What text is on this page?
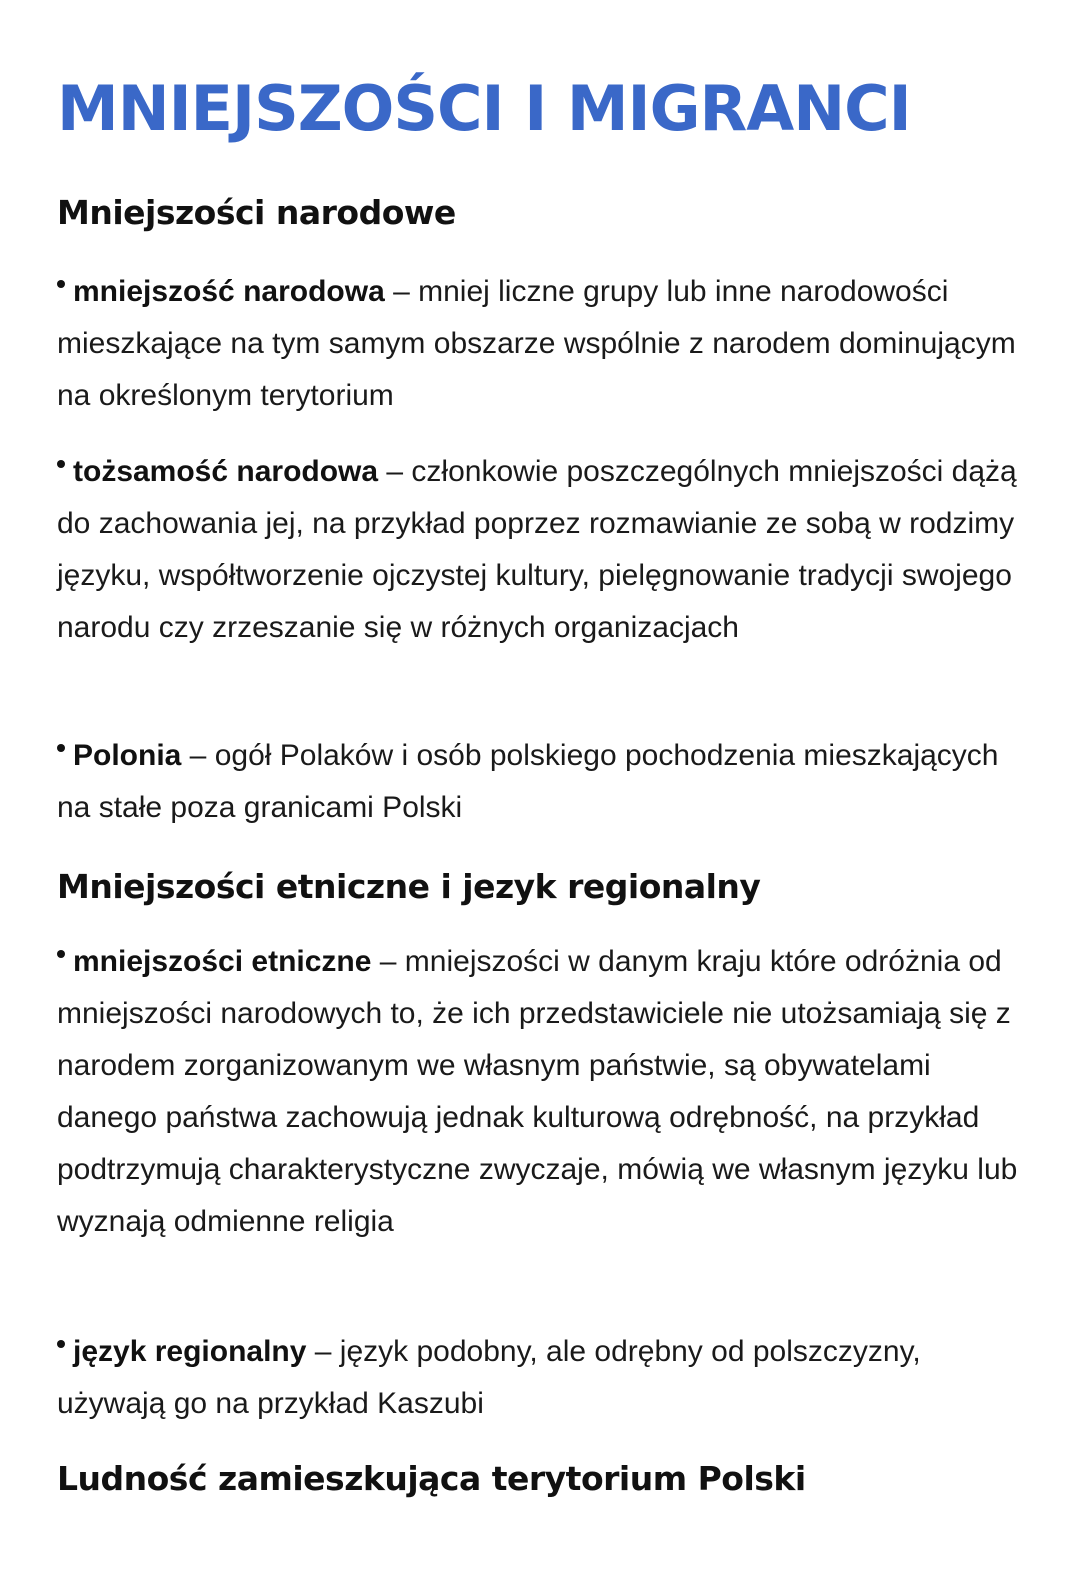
MNIEJSZOŚCI I MIGRANCI
Mniejszości narodowe

mniejszość narodowa – mniej liczne grupy lub inne narodowości mieszkające na tym samym obszarze wspólnie z narodem dominującym na określonym terytorium

tożsamość narodowa – członkowie poszczególnych mniejszości dążą do zachowania jej, na przykład poprzez rozmawianie ze sobą w rodzimy języku, współtworzenie ojczystej kultury, pielęgnowanie tradycji swojego narodu czy zrzeszanie się w różnych organizacjach

Polonia – ogół Polaków i osób polskiego pochodzenia mieszkających na stałe poza granicami Polski

Mniejszości etniczne i jezyk regionalny

mniejszości etniczne – mniejszości w danym kraju które odróżnia od mniejszości narodowych to, że ich przedstawiciele nie utożsamiają się z narodem zorganizowanym we własnym państwie, są obywatelami danego państwa zachowują jednak kulturową odrębność, na przykład podtrzymują charakterystyczne zwyczaje, mówią we własnym języku lub wyznają odmienne religia

język regionalny – język podobny, ale odrębny od polszczyzny, używają go na przykład Kaszubi

Ludność zamieszkująca terytorium Polski
